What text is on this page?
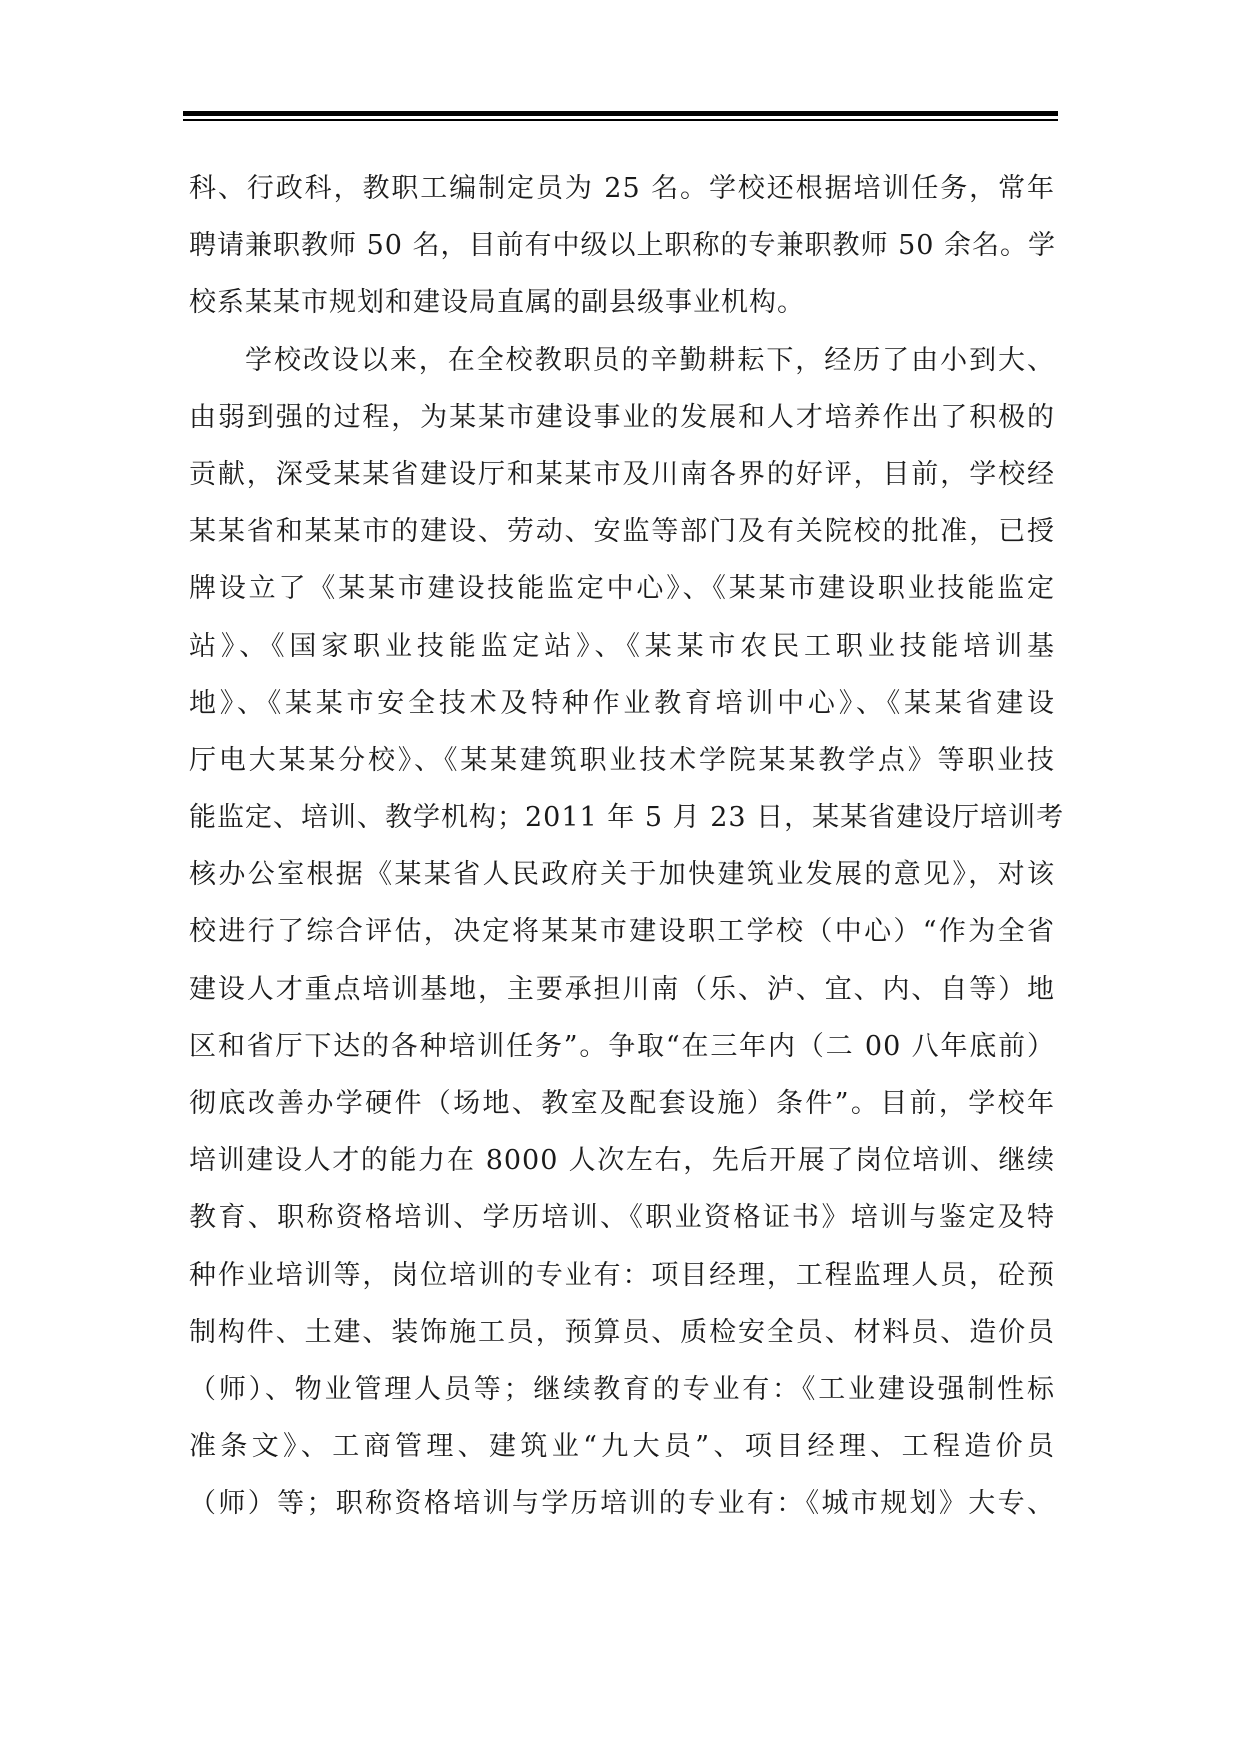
科、行政科，教职工编制定员为 25 名。学校还根据培训任务，常年
聘请兼职教师 50 名，目前有中级以上职称的专兼职教师 50 余名。学
校系某某市规划和建设局直属的副县级事业机构。
学校改设以来，在全校教职员的辛勤耕耘下，经历了由小到大、
由弱到强的过程，为某某市建设事业的发展和人才培养作出了积极的
贡献，深受某某省建设厅和某某市及川南各界的好评，目前，学校经
某某省和某某市的建设、劳动、安监等部门及有关院校的批准，已授
牌设立了《某某市建设技能监定中心》、《某某市建设职业技能监定
站》、《国家职业技能监定站》、《某某市农民工职业技能培训基
地》、《某某市安全技术及特种作业教育培训中心》、《某某省建设
厅电大某某分校》、《某某建筑职业技术学院某某教学点》等职业技
能监定、培训、教学机构；2011 年 5 月 23 日，某某省建设厅培训考
核办公室根据《某某省人民政府关于加快建筑业发展的意见》，对该
校进行了综合评估，决定将某某市建设职工学校（中心）“作为全省
建设人才重点培训基地，主要承担川南（乐、泸、宜、内、自等）地
区和省厅下达的各种培训任务”。争取“在三年内（二 00 八年底前）
彻底改善办学硬件（场地、教室及配套设施）条件”。目前，学校年
培训建设人才的能力在 8000 人次左右，先后开展了岗位培训、继续
教育、职称资格培训、学历培训、《职业资格证书》培训与鉴定及特
种作业培训等，岗位培训的专业有：项目经理，工程监理人员，砼预
制构件、土建、装饰施工员，预算员、质检安全员、材料员、造价员
（师）、物业管理人员等；继续教育的专业有：《工业建设强制性标
准条文》、工商管理、建筑业“九大员”、项目经理、工程造价员
（师）等；职称资格培训与学历培训的专业有：《城市规划》大专、
